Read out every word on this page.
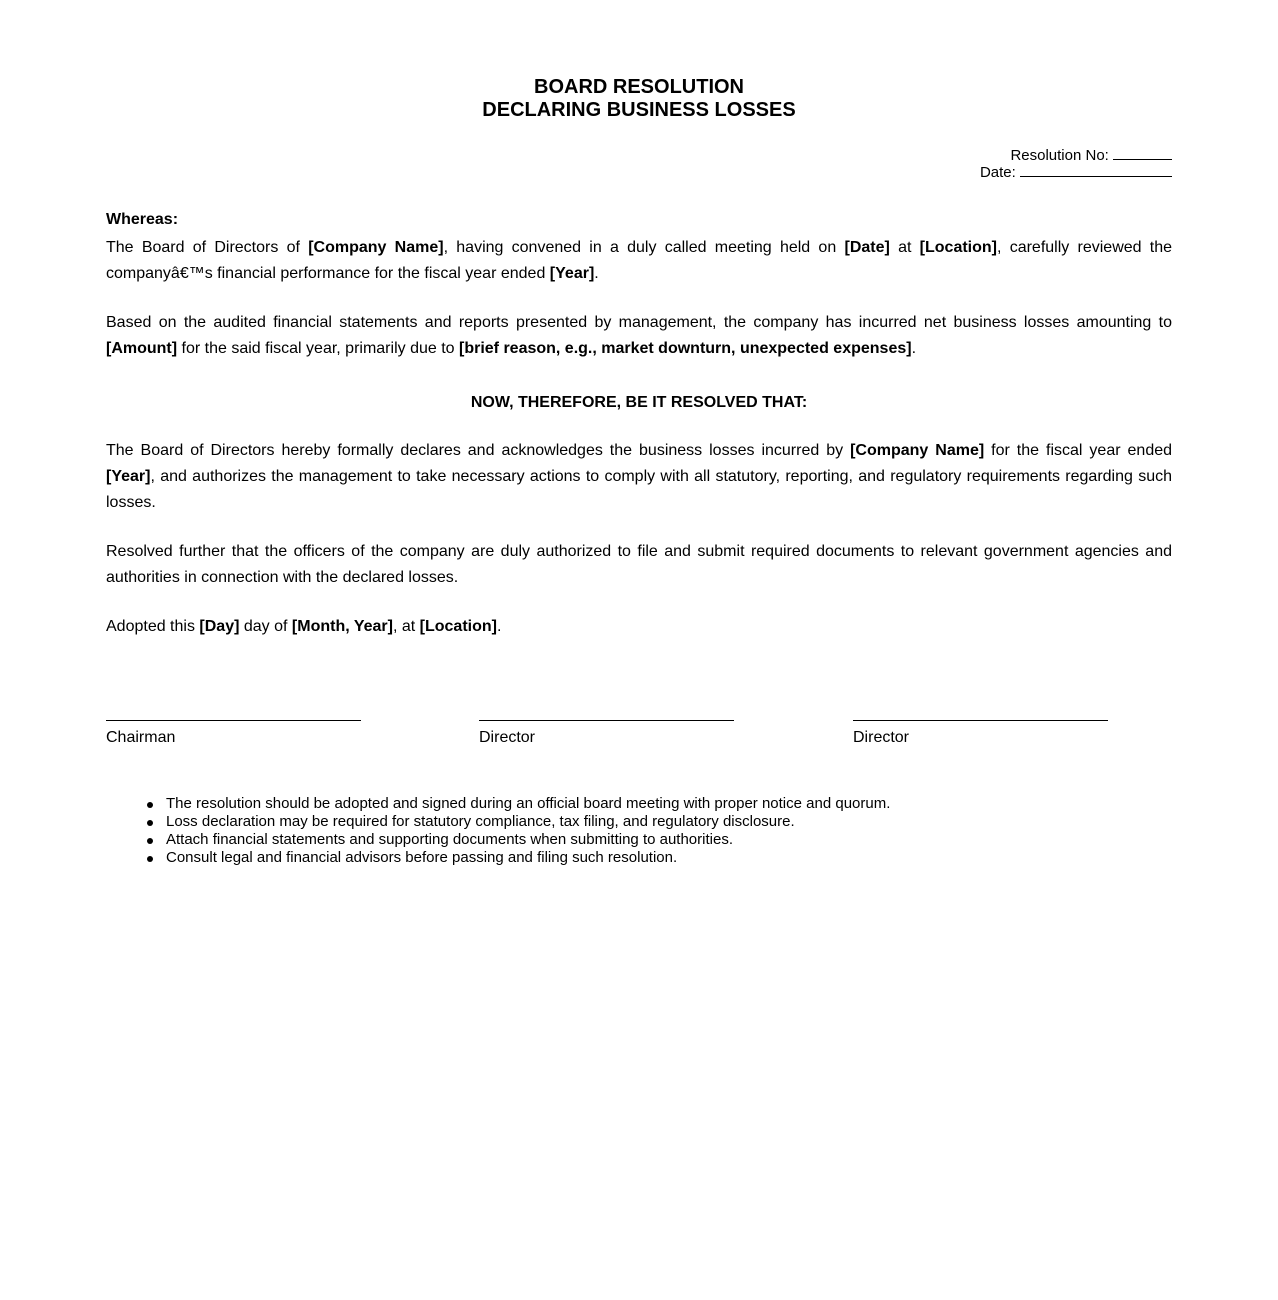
BOARD RESOLUTION
DECLARING BUSINESS LOSSES
Resolution No:
Date:
Whereas:
The Board of Directors of [Company Name], having convened in a duly called meeting held on [Date] at [Location], carefully reviewed the companyâ€™s financial performance for the fiscal year ended [Year].
Based on the audited financial statements and reports presented by management, the company has incurred net business losses amounting to [Amount] for the said fiscal year, primarily due to [brief reason, e.g., market downturn, unexpected expenses].
NOW, THEREFORE, BE IT RESOLVED THAT:
The Board of Directors hereby formally declares and acknowledges the business losses incurred by [Company Name] for the fiscal year ended [Year], and authorizes the management to take necessary actions to comply with all statutory, reporting, and regulatory requirements regarding such losses.
Resolved further that the officers of the company are duly authorized to file and submit required documents to relevant government agencies and authorities in connection with the declared losses.
Adopted this [Day] day of [Month, Year], at [Location].
Chairman	Director	Director
The resolution should be adopted and signed during an official board meeting with proper notice and quorum.
Loss declaration may be required for statutory compliance, tax filing, and regulatory disclosure.
Attach financial statements and supporting documents when submitting to authorities.
Consult legal and financial advisors before passing and filing such resolution.
